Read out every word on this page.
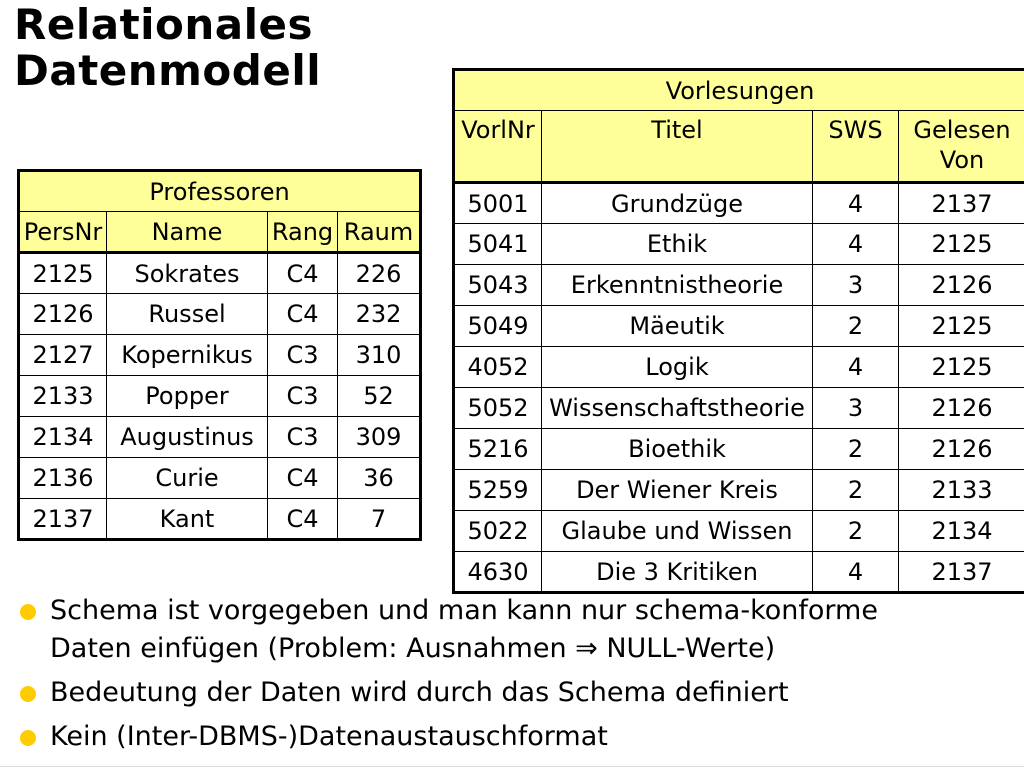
Relationales
Datenmodell	Vorlesungen			
VorlNr	Titel	SWS	Gelesen Von
5001	Grundzüge	4	2137
5041	Ethik	4	2125
5043	Erkenntnistheorie	3	2126
5049	Mäeutik	2	2125
4052	Logik	4	2125
5052	Wissenschaftstheorie	3	2126
5216	Bioethik	2	2126
5259	Der Wiener Kreis	2	2133
5022	Glaube und Wissen	2	2134
4630	Die 3 Kritiken	4	2137
Professoren			
PersNr	Name	Rang	Raum
2125	Sokrates	C4	226
2126	Russel	C4	232
2127	Kopernikus	C3	310
2133	Popper	C3	52
2134	Augustinus	C3	309
2136	Curie	C4	36
2137	Kant	C4	7
Schema ist vorgegeben und man kann nur schema-konforme
Daten einfügen (Problem: Ausnahmen ⇒ NULL-Werte)
Bedeutung der Daten wird durch das Schema definiert
Kein (Inter-DBMS-)Datenaustauschformat
